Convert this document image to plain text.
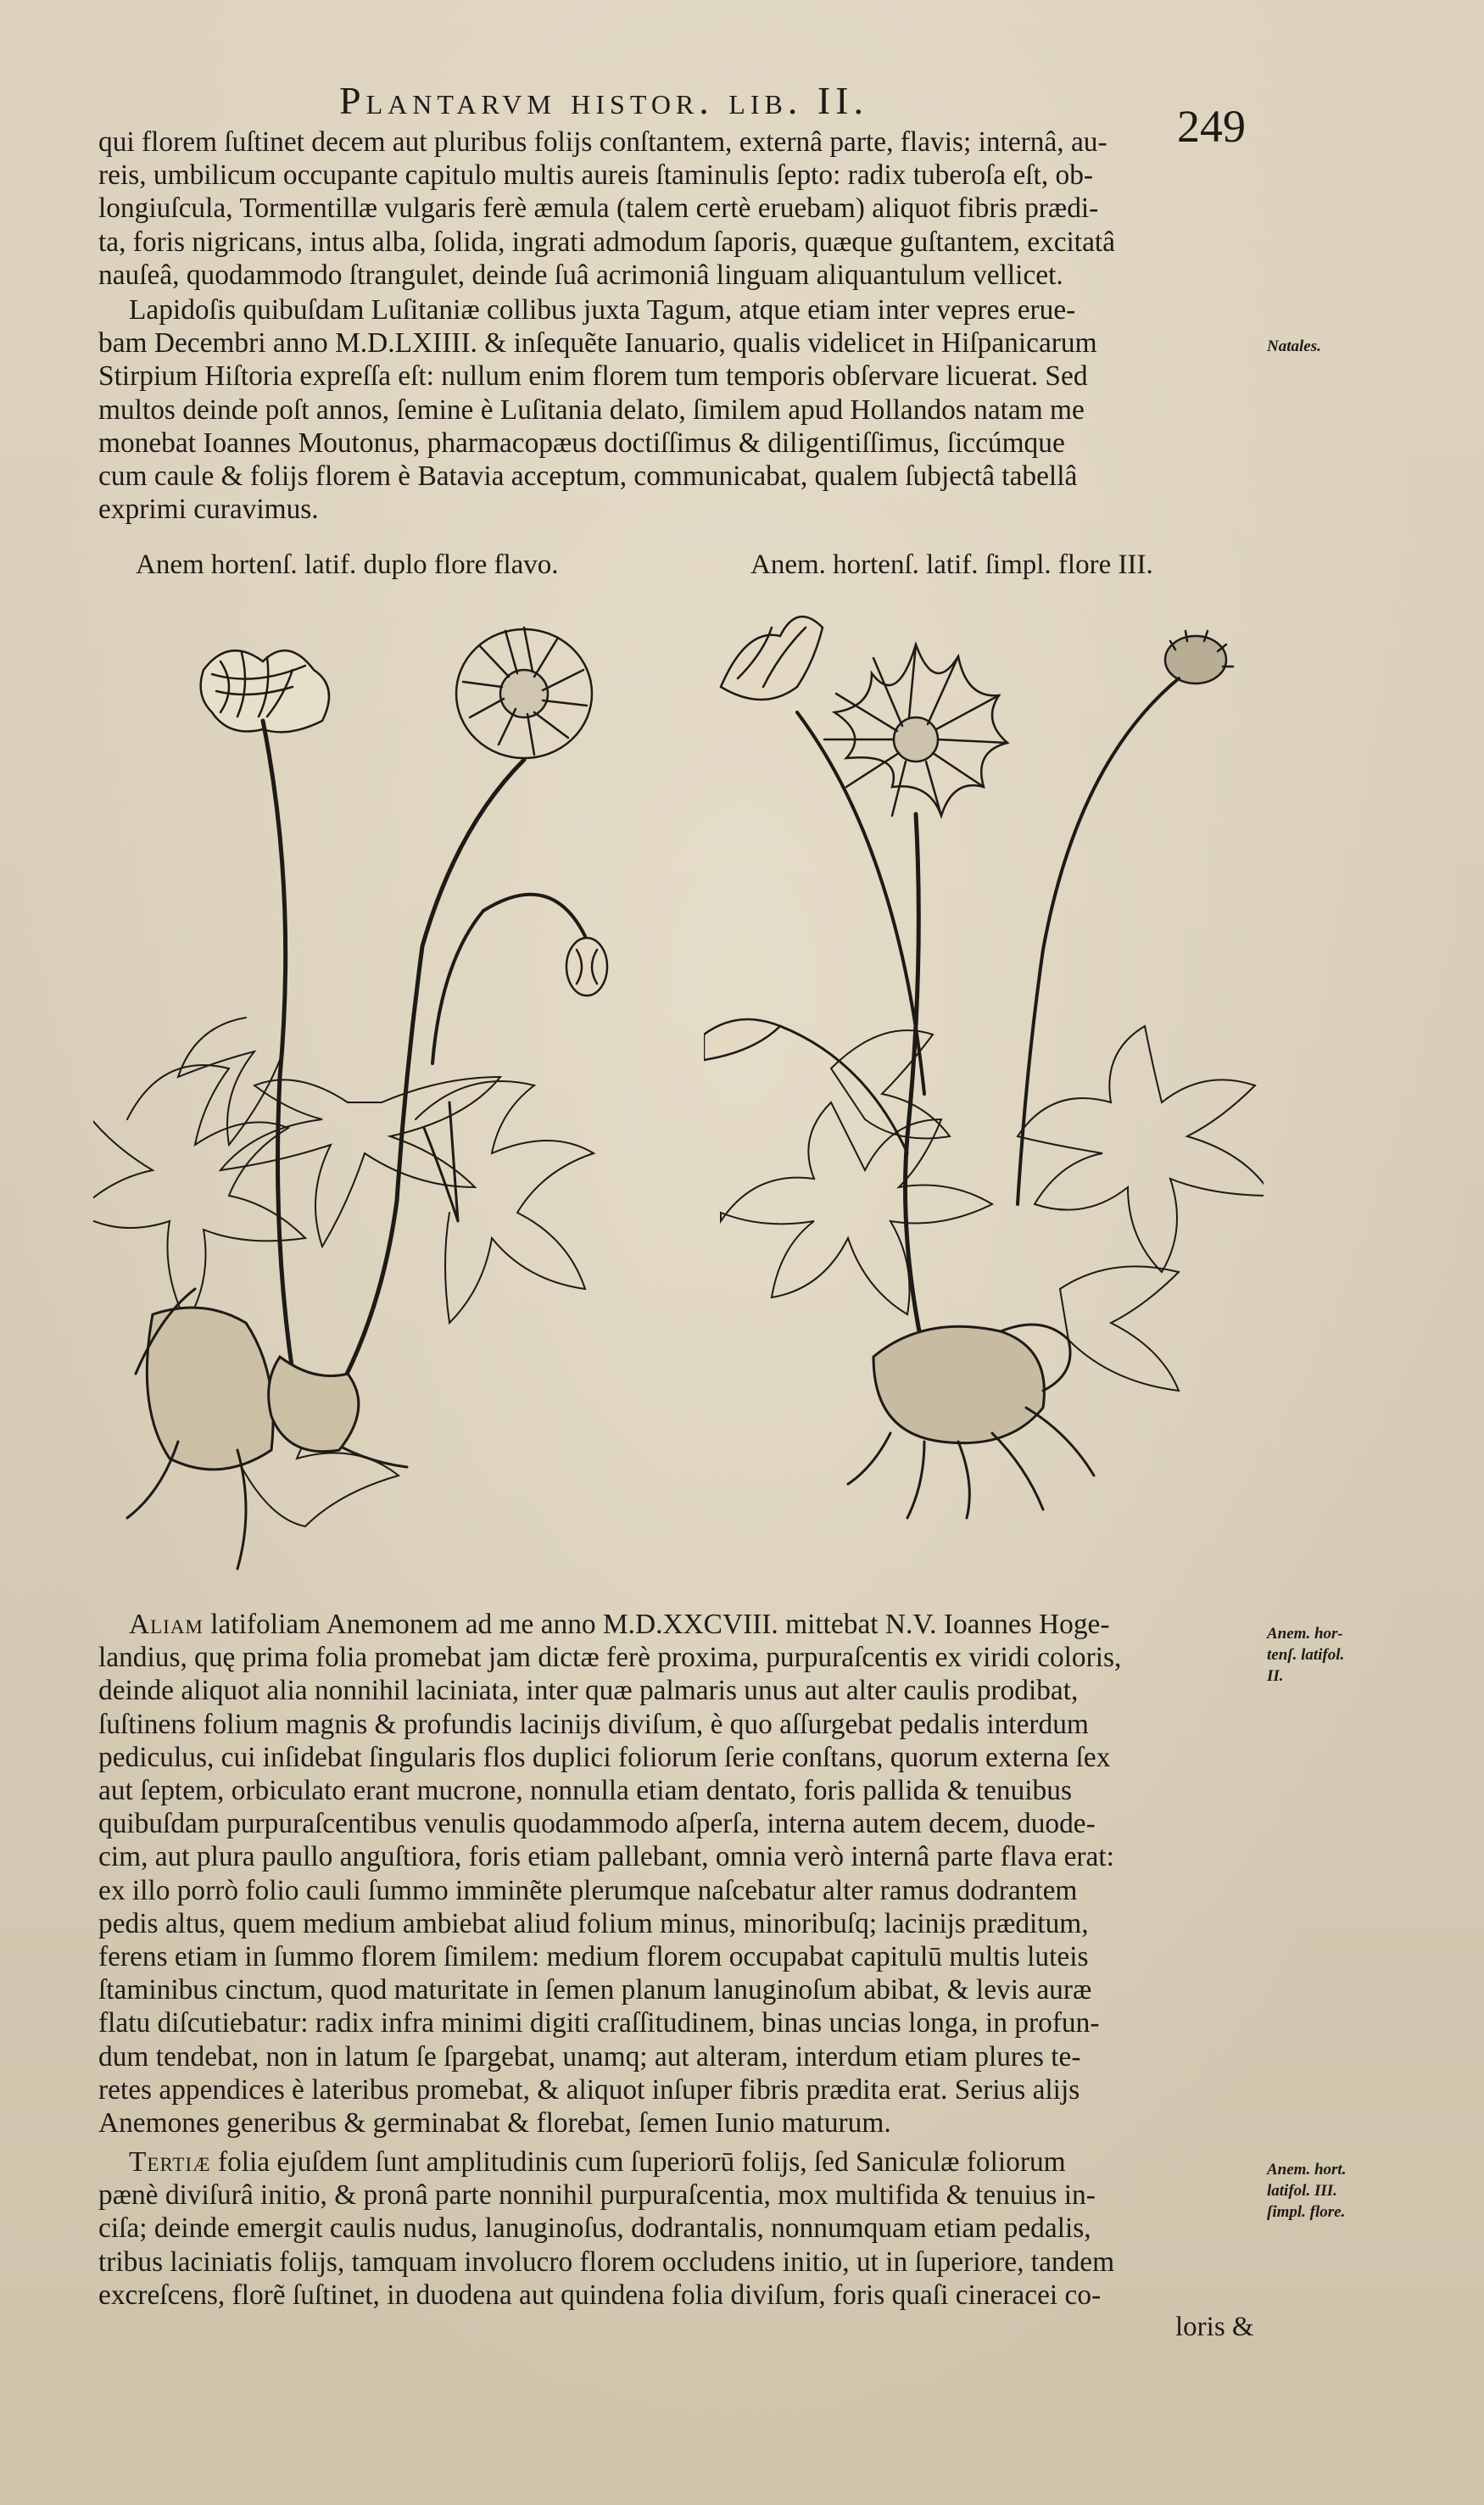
Plantarvm histor. lib. II.
249
qui florem ſuſtinet decem aut pluribus folijs conſtantem, externâ parte, flavis; internâ, au-
reis, umbilicum occupante capitulo multis aureis ſtaminulis ſepto: radix tuberoſa eſt, ob-
longiuſcula, Tormentillæ vulgaris ferè æmula (talem certè eruebam) aliquot fibris prædi-
ta, foris nigricans, intus alba, ſolida, ingrati admodum ſaporis, quæque guſtantem, excitatâ
nauſeâ, quodammodo ſtrangulet, deinde ſuâ acrimoniâ linguam aliquantulum vellicet.
Lapidoſis quibuſdam Luſitaniæ collibus juxta Tagum, atque etiam inter vepres erue-
bam Decembri anno M.D.LXIIII. & inſequẽte Ianuario, qualis videlicet in Hiſpanicarum
Stirpium Hiſtoria expreſſa eſt: nullum enim florem tum temporis obſervare licuerat. Sed
multos deinde poſt annos, ſemine è Luſitania delato, ſimilem apud Hollandos natam me
monebat Ioannes Moutonus, pharmacopæus doctiſſimus & diligentiſſimus, ſiccúmque
cum caule & folijs florem è Batavia acceptum, communicabat, qualem ſubjectâ tabellâ
exprimi curavimus.
Natales.
Anem hortenſ. latif. duplo flore flavo.	Anem. hortenſ. latif. ſimpl. flore III.
Aliam latifoliam Anemonem ad me anno M.D.XXCVIII. mittebat N.V. Ioannes Hoge-
landius, quę prima folia promebat jam dictæ ferè proxima, purpuraſcentis ex viridi coloris,
deinde aliquot alia nonnihil laciniata, inter quæ palmaris unus aut alter caulis prodibat,
ſuſtinens folium magnis & profundis lacinijs diviſum, è quo aſſurgebat pedalis interdum
pediculus, cui inſidebat ſingularis flos duplici foliorum ſerie conſtans, quorum externa ſex
aut ſeptem, orbiculato erant mucrone, nonnulla etiam dentato, foris pallida & tenuibus
quibuſdam purpuraſcentibus venulis quodammodo aſperſa, interna autem decem, duode-
cim, aut plura paullo anguſtiora, foris etiam pallebant, omnia verò internâ parte flava erat:
ex illo porrò folio cauli ſummo imminẽte plerumque naſcebatur alter ramus dodrantem
pedis altus, quem medium ambiebat aliud folium minus, minoribuſq; lacinijs præditum,
ferens etiam in ſummo florem ſimilem: medium florem occupabat capitulū multis luteis
ſtaminibus cinctum, quod maturitate in ſemen planum lanuginoſum abibat, & levis auræ
flatu diſcutiebatur: radix infra minimi digiti craſſitudinem, binas uncias longa, in profun-
dum tendebat, non in latum ſe ſpargebat, unamq; aut alteram, interdum etiam plures te-
retes appendices è lateribus promebat, & aliquot inſuper fibris prædita erat. Serius alijs
Anemones generibus & germinabat & florebat, ſemen Iunio maturum.
Anem. hor-
tenſ. latifol.
II.
Tertiæ folia ejuſdem ſunt amplitudinis cum ſuperiorū folijs, ſed Saniculæ foliorum
pænè diviſurâ initio, & pronâ parte nonnihil purpuraſcentia, mox multifida & tenuius in-
ciſa; deinde emergit caulis nudus, lanuginoſus, dodrantalis, nonnumquam etiam pedalis,
tribus laciniatis folijs, tamquam involucro florem occludens initio, ut in ſuperiore, tandem
excreſcens, florẽ ſuſtinet, in duodena aut quindena folia diviſum, foris quaſi cineracei co-
loris &
Anem. hort.
latifol. III.
ſimpl. flore.
